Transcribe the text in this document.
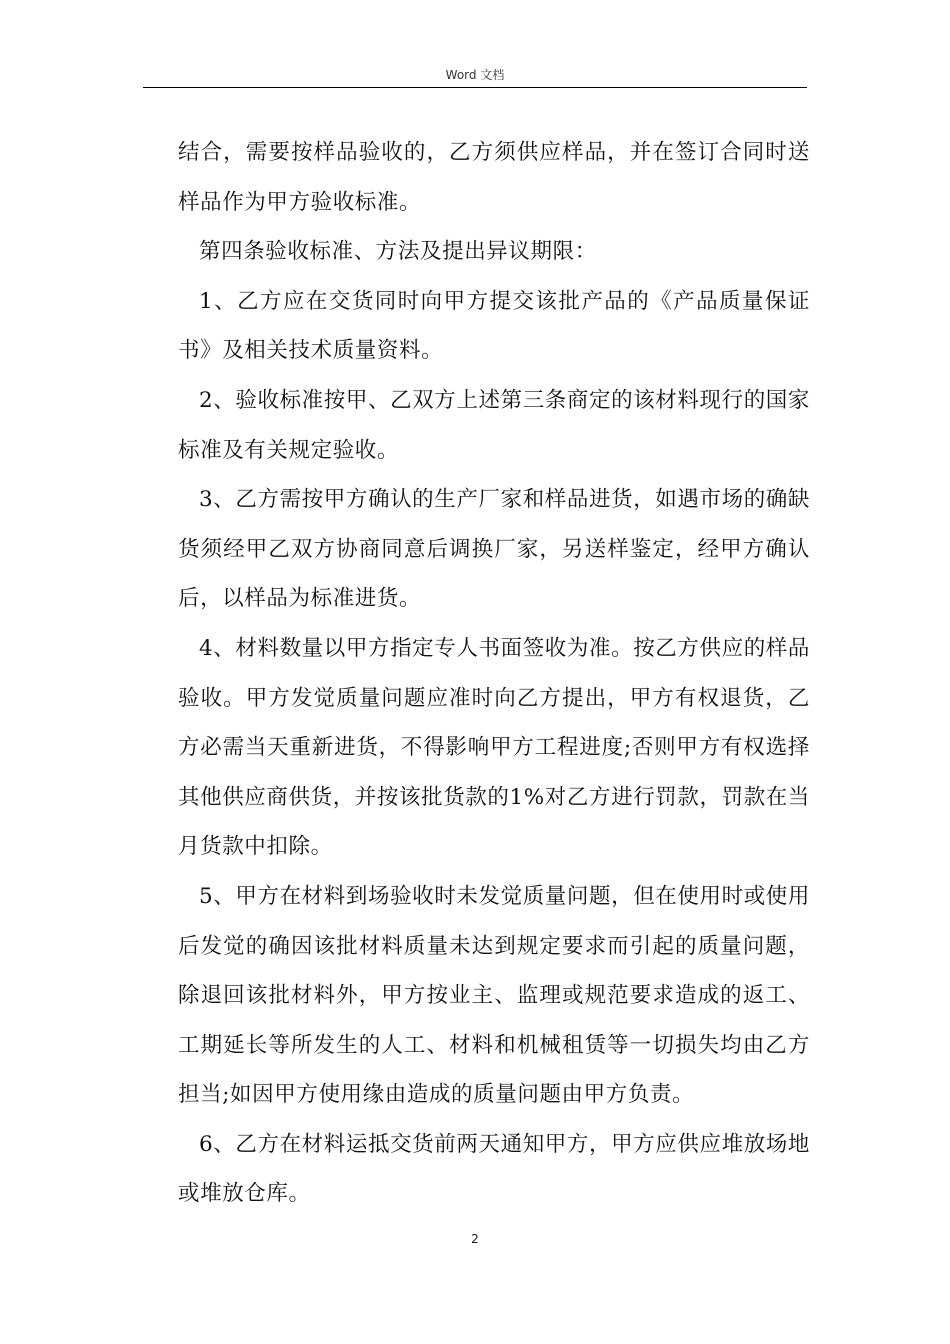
Word 文档

结合，需要按样品验收的，乙方须供应样品，并在签订合同时送样品作为甲方验收标准。

第四条验收标准、方法及提出异议期限：

1、乙方应在交货同时向甲方提交该批产品的《产品质量保证书》及相关技术质量资料。

2、验收标准按甲、乙双方上述第三条商定的该材料现行的国家标准及有关规定验收。

3、乙方需按甲方确认的生产厂家和样品进货，如遇市场的确缺货须经甲乙双方协商同意后调换厂家，另送样鉴定，经甲方确认后，以样品为标准进货。

4、材料数量以甲方指定专人书面签收为准。按乙方供应的样品验收。甲方发觉质量问题应准时向乙方提出，甲方有权退货，乙方必需当天重新进货，不得影响甲方工程进度;否则甲方有权选择其他供应商供货，并按该批货款的1%对乙方进行罚款，罚款在当月货款中扣除。

5、甲方在材料到场验收时未发觉质量问题，但在使用时或使用后发觉的确因该批材料质量未达到规定要求而引起的质量问题，除退回该批材料外，甲方按业主、监理或规范要求造成的返工、工期延长等所发生的人工、材料和机械租赁等一切损失均由乙方担当;如因甲方使用缘由造成的质量问题由甲方负责。

6、乙方在材料运抵交货前两天通知甲方，甲方应供应堆放场地或堆放仓库。

2
